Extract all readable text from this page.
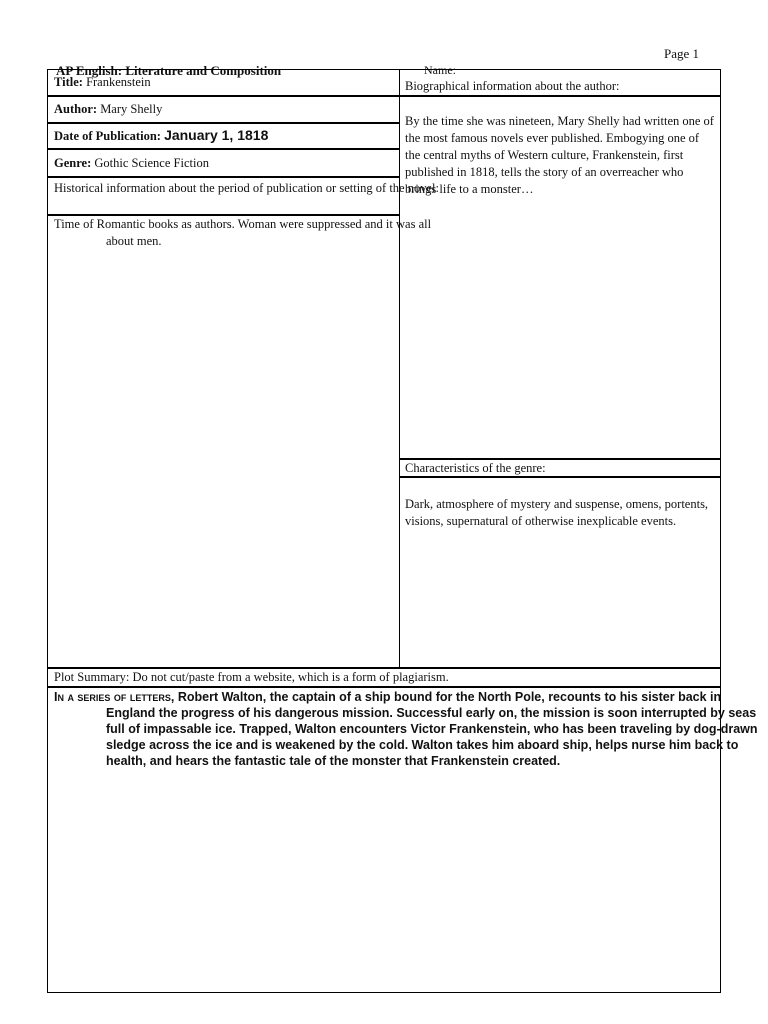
Page 1
AP English: Literature and Composition	Name:
Title: Frankenstein
Author: Mary Shelly
Date of Publication: January 1, 1818
Genre: Gothic Science Fiction
Historical information about the period of publication or setting of the novel:
Time of Romantic books as authors. Woman were suppressed and it was all about men.
Biographical information about the author:
By the time she was nineteen, Mary Shelly had written one of the most famous novels ever published. Embogying one of the central myths of Western culture, Frankenstein, first published in 1818, tells the story of an overreacher who brings life to a monster…
Characteristics of the genre:
Dark, atmosphere of mystery and suspense, omens, portents, visions, supernatural of otherwise inexplicable events.
Plot Summary: Do not cut/paste from a website, which is a form of plagiarism.
In a series of letters, Robert Walton, the captain of a ship bound for the North Pole, recounts to his sister back in England the progress of his dangerous mission. Successful early on, the mission is soon interrupted by seas full of impassable ice. Trapped, Walton encounters Victor Frankenstein, who has been traveling by dog-drawn sledge across the ice and is weakened by the cold. Walton takes him aboard ship, helps nurse him back to health, and hears the fantastic tale of the monster that Frankenstein created.
